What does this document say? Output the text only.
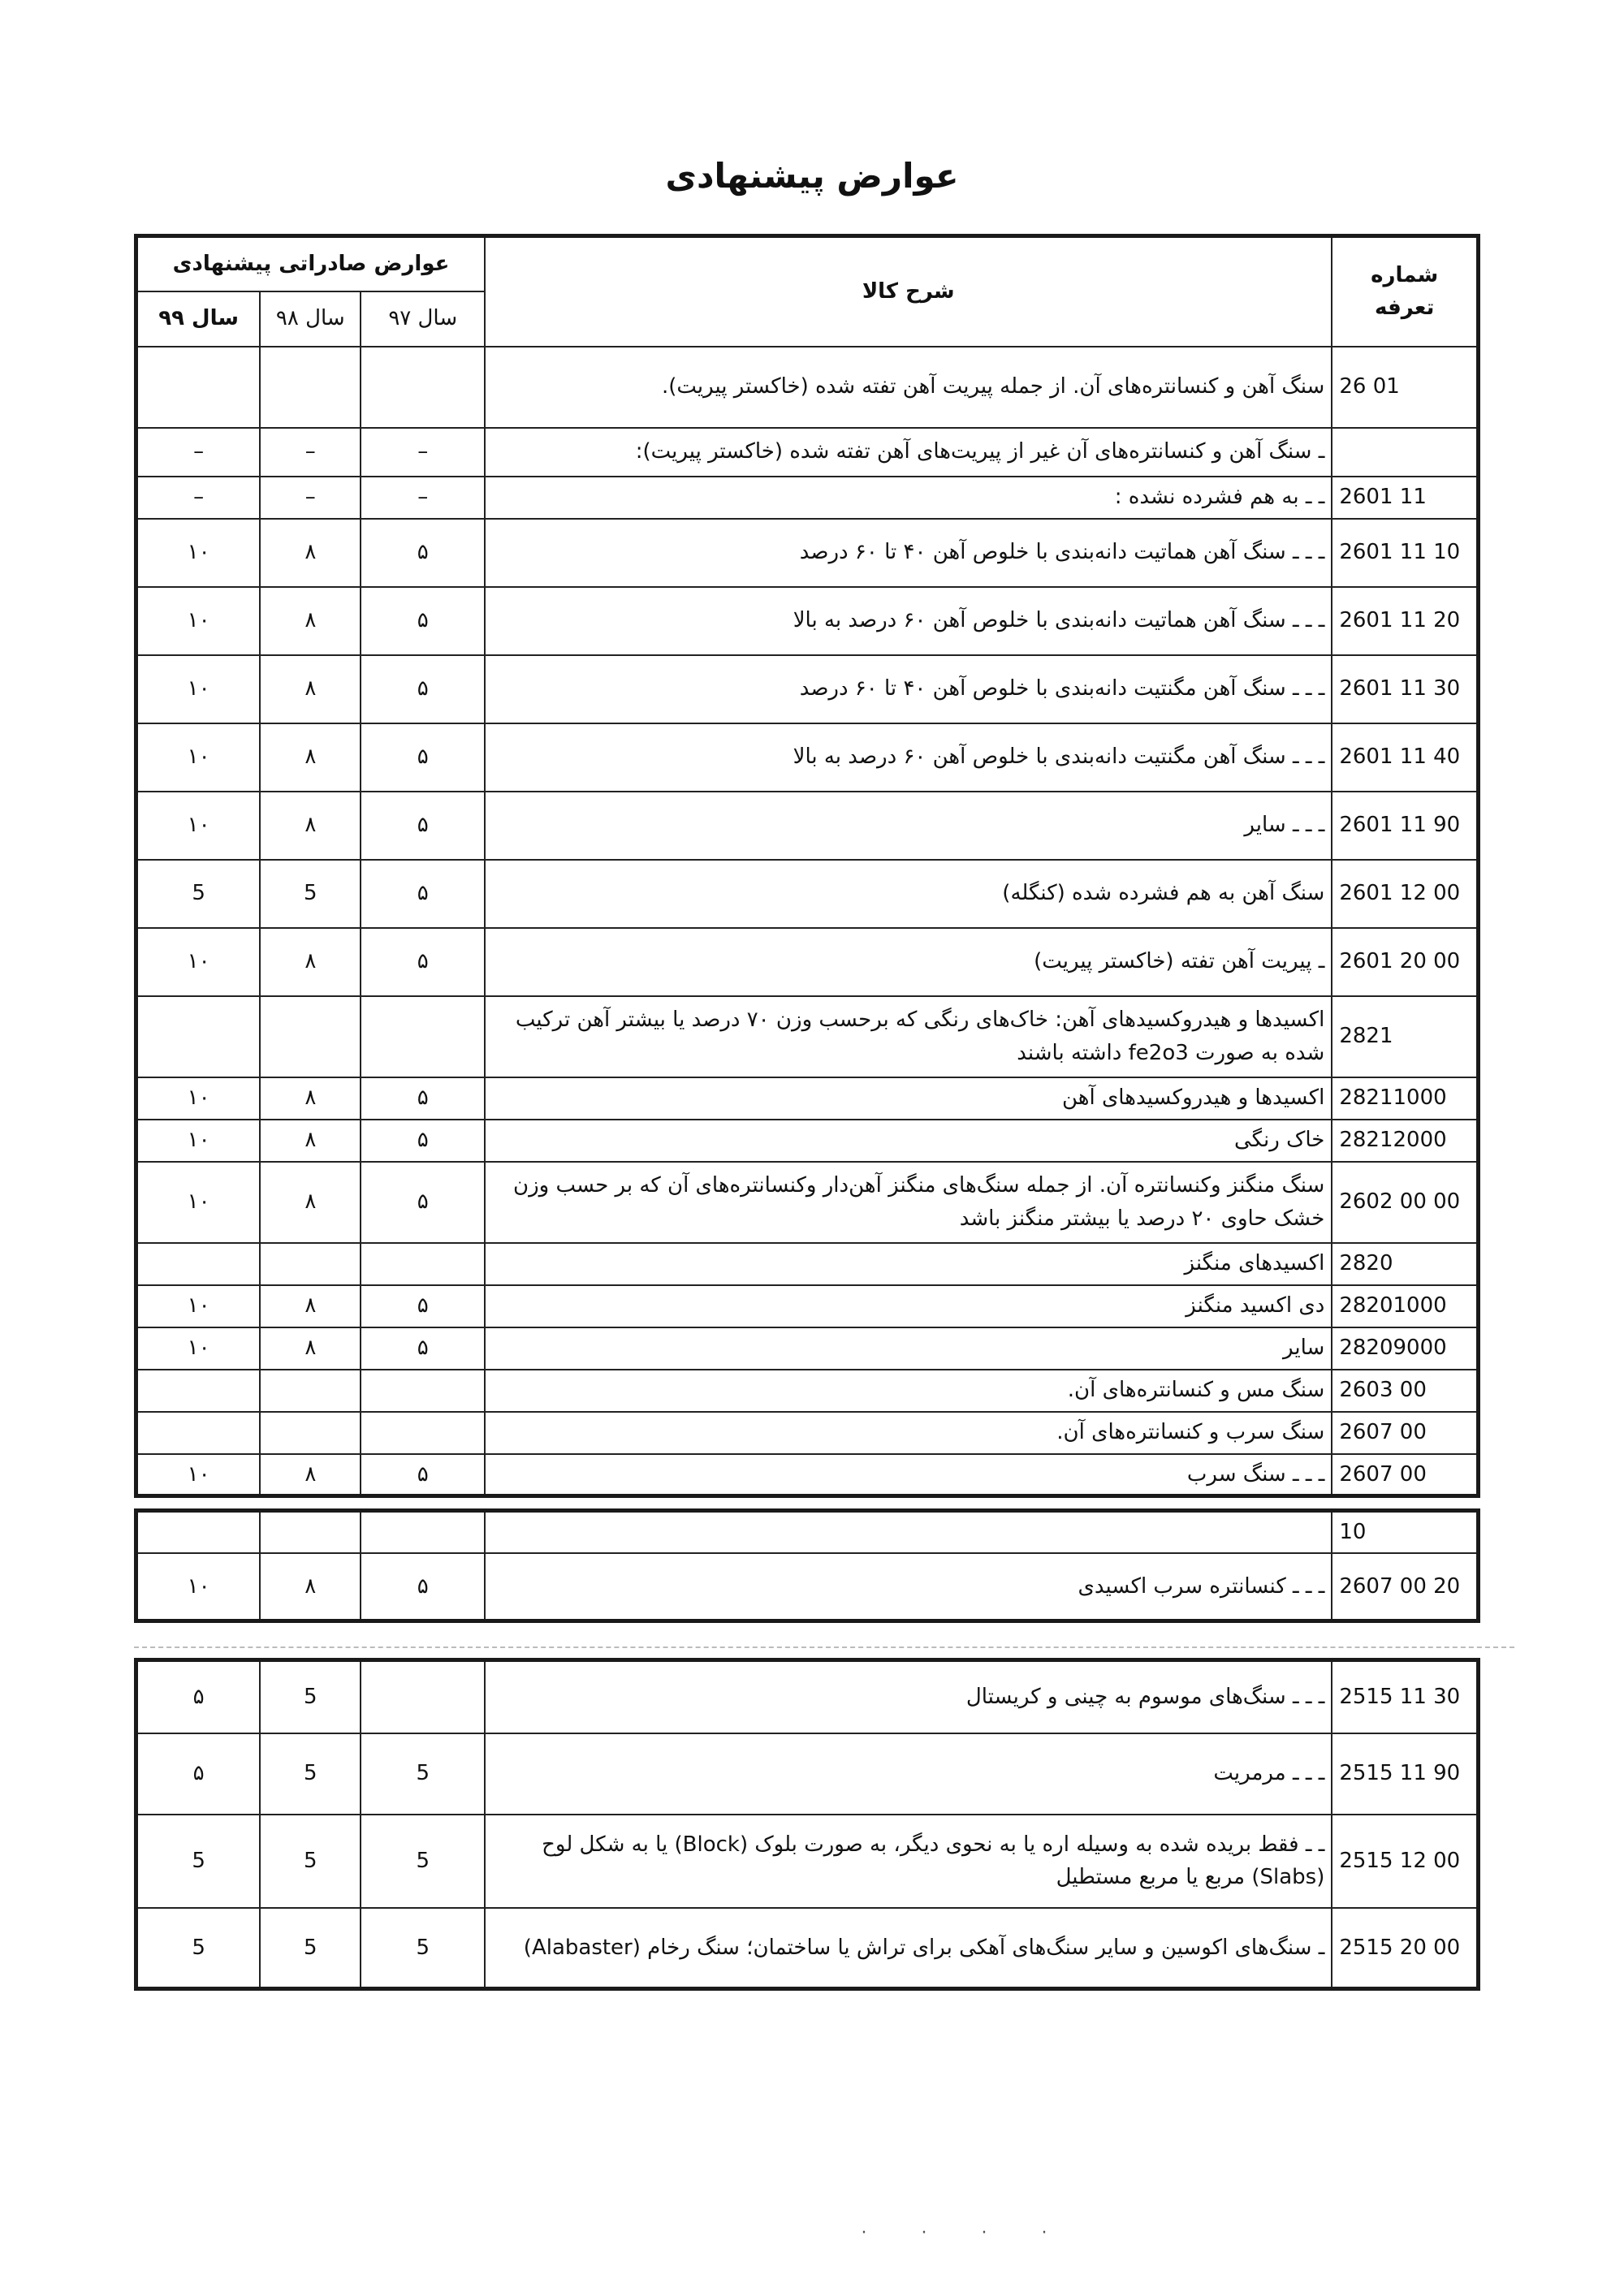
عوارض پیشنهادی
شماره تعرفه	شرح کالا	عوارض صادراتی پیشنهادی		
		سال ۹۷	سال ۹۸	سال ۹۹
26 01	سنگ آهن و کنسانتره‌های آن. از جمله پیریت آهن تفته شده (خاکستر پیریت).			
	ـ سنگ آهن و کنسانتره‌های آن غیر از پیریت‌های آهن تفته شده (خاکستر پیریت):	–	–	–
2601 11	ـ ـ به هم فشرده نشده :	–	–	–
2601 11 10	ـ ـ ـ سنگ آهن هماتیت دانه‌بندی با خلوص آهن ۴۰ تا ۶۰ درصد	۵	۸	۱۰
2601 11 20	ـ ـ ـ سنگ آهن هماتیت دانه‌بندی با خلوص آهن ۶۰ درصد به بالا	۵	۸	۱۰
2601 11 30	ـ ـ ـ سنگ آهن مگنتیت دانه‌بندی با خلوص آهن ۴۰ تا ۶۰ درصد	۵	۸	۱۰
2601 11 40	ـ ـ ـ سنگ آهن مگنتیت دانه‌بندی با خلوص آهن ۶۰ درصد به بالا	۵	۸	۱۰
2601 11 90	ـ ـ ـ سایر	۵	۸	۱۰
2601 12 00	سنگ آهن به هم فشرده شده (کنگله)	۵	5	5
2601 20 00	ـ پیریت آهن تفته (خاکستر پیریت)	۵	۸	۱۰
2821	اکسیدها و هیدروکسیدهای آهن: خاک‌های رنگی که برحسب وزن ۷۰ درصد یا بیشتر آهن ترکیب شده به صورت fe2o3 داشته باشند			
28211000	اکسیدها و هیدروکسیدهای آهن	۵	۸	۱۰
28212000	خاک رنگی	۵	۸	۱۰
2602 00 00	سنگ منگنز وکنسانتره آن. از جمله سنگ‌های منگنز آهن‌دار وکنسانتره‌های آن که بر حسب وزن خشک حاوی ۲۰ درصد یا بیشتر منگنز باشد	۵	۸	۱۰
2820	اکسیدهای منگنز			
28201000	دی اکسید منگنز	۵	۸	۱۰
28209000	سایر	۵	۸	۱۰
2603 00	سنگ مس و کنسانتره‌های آن.			
2607 00	سنگ سرب و کنسانتره‌های آن.			
2607 00	ـ ـ ـ سنگ سرب	۵	۸	۱۰
10				
2607 00 20	ـ ـ ـ کنسانتره سرب اکسیدی	۵	۸	۱۰
2515 11 30	ـ ـ ـ سنگ‌های موسوم به چینی و کریستال		5	۵
2515 11 90	ـ ـ ـ مرمریت	5	5	۵
2515 12 00	ـ ـ فقط بریده شده به وسیله اره یا به نحوی دیگر، به صورت بلوک (Block) یا به شکل لوح (Slabs) مربع یا مربع مستطیل	5	5	5
2515 20 00	ـ سنگ‌های اکوسین و سایر سنگ‌های آهکی برای تراش یا ساختمان؛ سنگ رخام (Alabaster)	5	5	5
· · · ·
